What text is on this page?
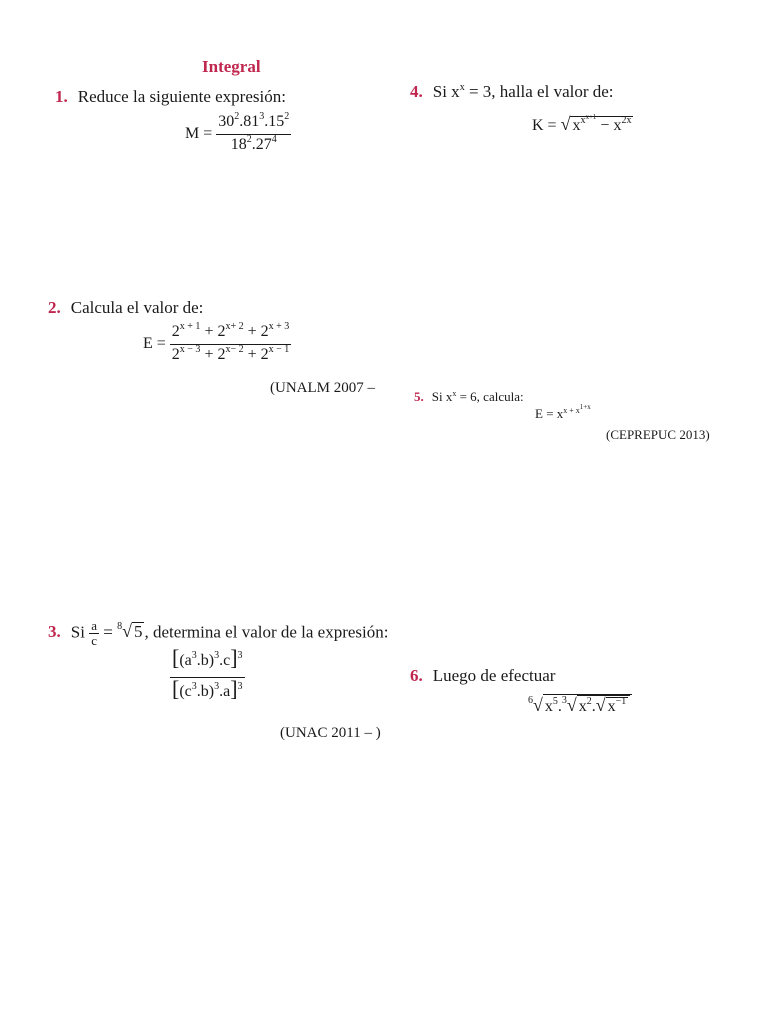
Integral
1. Reduce la siguiente expresión:
$M = \frac{30^2.81^3.15^2}{18^2.27^4}$
2. Calcula el valor de:
$E = \frac{2^{x + 1} + 2^{x+ 2} + 2^{x + 3}}{2^{x - 3} + 2^{x- 2} + 2^{x - 1}}$
(UNALM 2007 –
3. Si $\frac{a}{c} = ^8√$ 5 , determina el valor de la expresión:
$\frac{[(a^3.b)^3.c]^3}{[(c^3.b)^3.a]^3}$
(UNAC 2011 – )
4. Si $x^x = 3$, halla el valor de:
K = √ $x^{x^{x+1}} - x^{2x}$
5. Si $x^x = 6$, calcula:
$E = x^{x + x^{1+x}}$
(CEPREPUC 2013)
6. Luego de efectuar
$^6$√ $x^5.^3√$ $x^2.√$ $x^{-1}$
